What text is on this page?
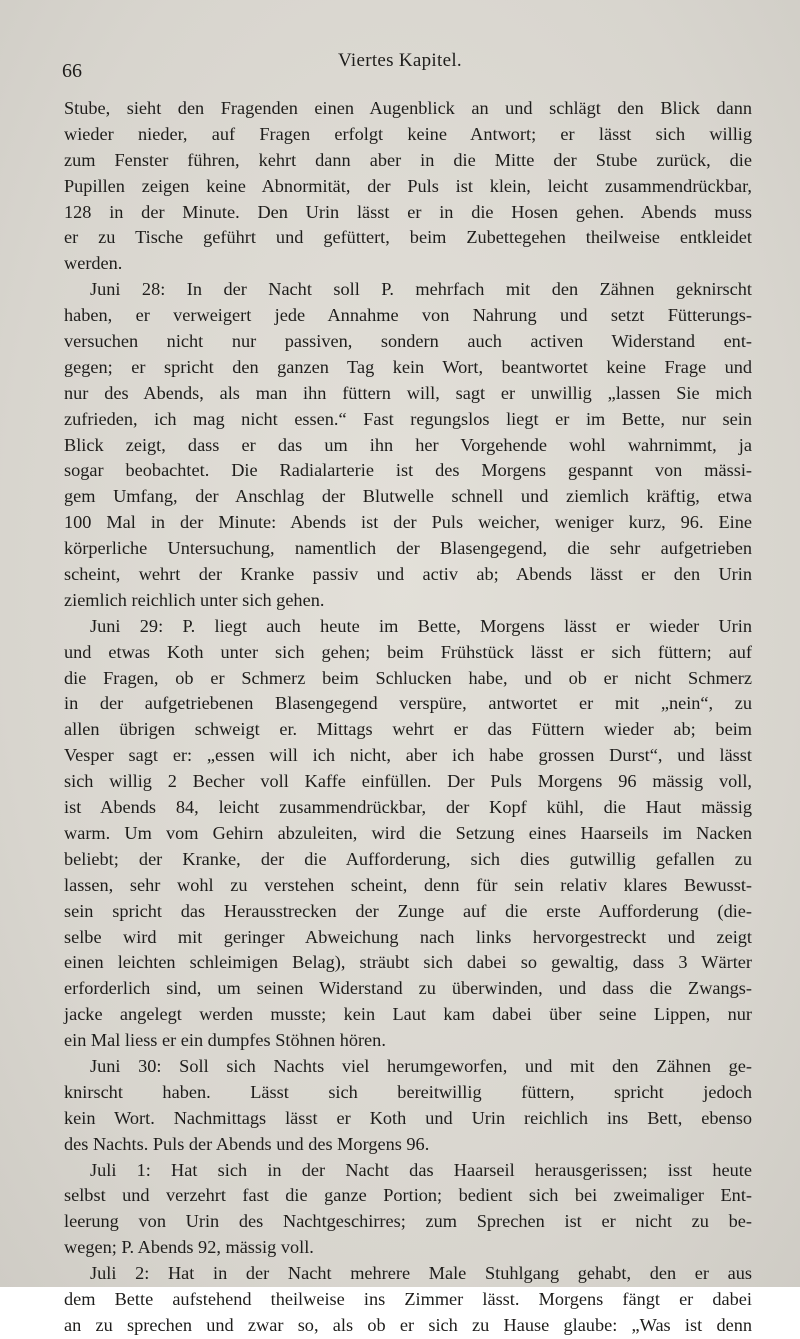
66	Viertes Kapitel.
Stube, sieht den Fragenden einen Augenblick an und schlägt den Blick dann
wieder nieder, auf Fragen erfolgt keine Antwort; er lässt sich willig
zum Fenster führen, kehrt dann aber in die Mitte der Stube zurück, die
Pupillen zeigen keine Abnormität, der Puls ist klein, leicht zusammendrückbar,
128 in der Minute. Den Urin lässt er in die Hosen gehen. Abends muss
er zu Tische geführt und gefüttert, beim Zubettegehen theilweise entkleidet
werden.
Juni 28: In der Nacht soll P. mehrfach mit den Zähnen geknirscht
haben, er verweigert jede Annahme von Nahrung und setzt Fütterungs-
versuchen nicht nur passiven, sondern auch activen Widerstand ent-
gegen; er spricht den ganzen Tag kein Wort, beantwortet keine Frage und
nur des Abends, als man ihn füttern will, sagt er unwillig „lassen Sie mich
zufrieden, ich mag nicht essen.“ Fast regungslos liegt er im Bette, nur sein
Blick zeigt, dass er das um ihn her Vorgehende wohl wahrnimmt, ja
sogar beobachtet. Die Radialarterie ist des Morgens gespannt von mässi-
gem Umfang, der Anschlag der Blutwelle schnell und ziemlich kräftig, etwa
100 Mal in der Minute: Abends ist der Puls weicher, weniger kurz, 96. Eine
körperliche Untersuchung, namentlich der Blasengegend, die sehr aufgetrieben
scheint, wehrt der Kranke passiv und activ ab; Abends lässt er den Urin
ziemlich reichlich unter sich gehen.
Juni 29: P. liegt auch heute im Bette, Morgens lässt er wieder Urin
und etwas Koth unter sich gehen; beim Frühstück lässt er sich füttern; auf
die Fragen, ob er Schmerz beim Schlucken habe, und ob er nicht Schmerz
in der aufgetriebenen Blasengegend verspüre, antwortet er mit „nein“, zu
allen übrigen schweigt er. Mittags wehrt er das Füttern wieder ab; beim
Vesper sagt er: „essen will ich nicht, aber ich habe grossen Durst“, und lässt
sich willig 2 Becher voll Kaffe einfüllen. Der Puls Morgens 96 mässig voll,
ist Abends 84, leicht zusammendrückbar, der Kopf kühl, die Haut mässig
warm. Um vom Gehirn abzuleiten, wird die Setzung eines Haarseils im Nacken
beliebt; der Kranke, der die Aufforderung, sich dies gutwillig gefallen zu
lassen, sehr wohl zu verstehen scheint, denn für sein relativ klares Bewusst-
sein spricht das Herausstrecken der Zunge auf die erste Aufforderung (die-
selbe wird mit geringer Abweichung nach links hervorgestreckt und zeigt
einen leichten schleimigen Belag), sträubt sich dabei so gewaltig, dass 3 Wärter
erforderlich sind, um seinen Widerstand zu überwinden, und dass die Zwangs-
jacke angelegt werden musste; kein Laut kam dabei über seine Lippen, nur
ein Mal liess er ein dumpfes Stöhnen hören.
Juni 30: Soll sich Nachts viel herumgeworfen, und mit den Zähnen ge-
knirscht haben. Lässt sich bereitwillig füttern, spricht jedoch
kein Wort. Nachmittags lässt er Koth und Urin reichlich ins Bett, ebenso
des Nachts. Puls der Abends und des Morgens 96.
Juli 1: Hat sich in der Nacht das Haarseil herausgerissen; isst heute
selbst und verzehrt fast die ganze Portion; bedient sich bei zweimaliger Ent-
leerung von Urin des Nachtgeschirres; zum Sprechen ist er nicht zu be-
wegen; P. Abends 92, mässig voll.
Juli 2: Hat in der Nacht mehrere Male Stuhlgang gehabt, den er aus
dem Bette aufstehend theilweise ins Zimmer lässt. Morgens fängt er dabei
an zu sprechen und zwar so, als ob er sich zu Hause glaube: „Was ist denn
